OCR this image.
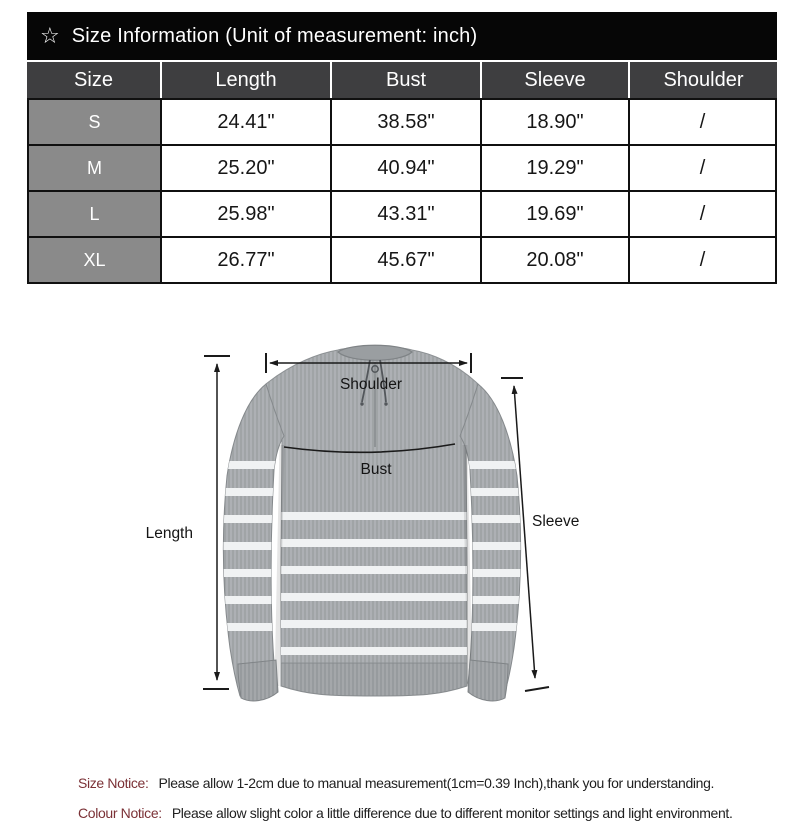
☆ Size Information (Unit of measurement: inch)
Size	Length	Bust	Sleeve	Shoulder
S	24.41"	38.58"	18.90"	/
M	25.20"	40.94"	19.29"	/
L	25.98"	43.31"	19.69"	/
XL	26.77"	45.67"	20.08"	/
Shoulder
Bust
Length
Sleeve
Size Notice: Please allow 1-2cm due to manual measurement(1cm=0.39 Inch),thank you for understanding.
Colour Notice: Please allow slight color a little difference due to different monitor settings and light environment.
